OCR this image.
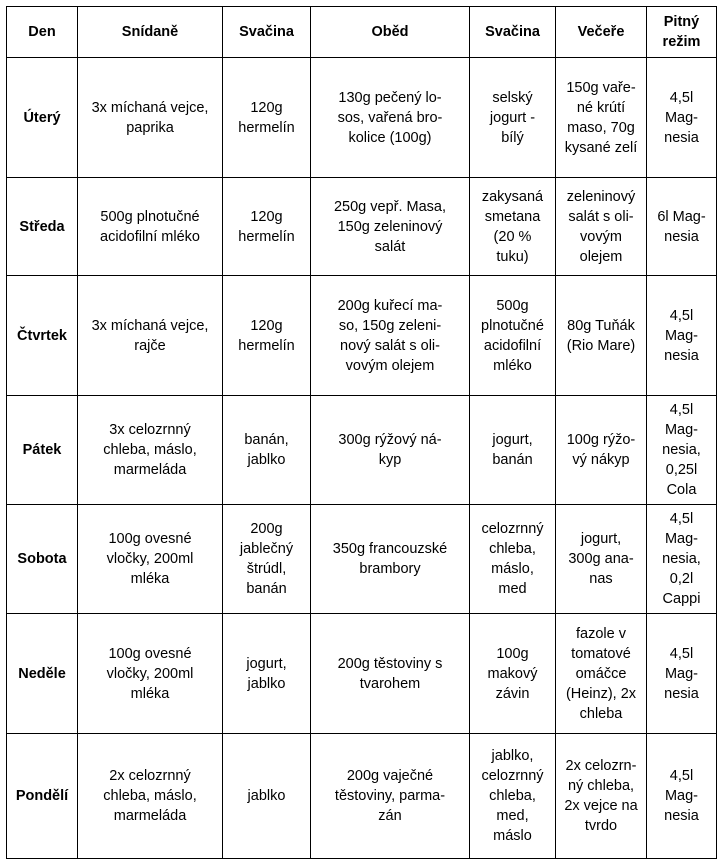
Den	Snídaně	Svačina	Oběd	Svačina	Večeře	Pitný
režim
Úterý	3x míchaná vejce,
paprika	120g
hermelín	130g pečený lo-
sos, vařená bro-
kolice (100g)	selský
jogurt -
bílý	150g vaře-
né krútí
maso, 70g
kysané zelí	4,5l Mag-
nesia
Středa	500g plnotučné
acidofilní mléko	120g
hermelín	250g vepř. Masa,
150g zeleninový
salát	zakysaná
smetana
(20 %
tuku)	zeleninový
salát s oli-
vovým
olejem	6l Mag-
nesia
Čtvrtek	3x míchaná vejce,
rajče	120g
hermelín	200g kuřecí ma-
so, 150g zeleni-
nový salát s oli-
vovým olejem	500g
plnotučné
acidofilní
mléko	80g Tuňák
(Rio Mare)	4,5l Mag-
nesia
Pátek	3x celozrnný
chleba, máslo,
marmeláda	banán,
jablko	300g rýžový ná-
kyp	jogurt,
banán	100g rýžo-
vý nákyp	4,5l Mag-
nesia,
0,25l Cola
Sobota	100g ovesné
vločky, 200ml
mléka	200g
jablečný
štrúdl,
banán	350g francouzské
brambory	celozrnný
chleba,
máslo,
med	jogurt,
300g ana-
nas	4,5l Mag-
nesia, 0,2l
Cappi
Neděle	100g ovesné
vločky, 200ml
mléka	jogurt,
jablko	200g těstoviny s
tvarohem	100g
makový
závin	fazole v
tomatové
omáčce
(Heinz), 2x
chleba	4,5l Mag-
nesia
Pondělí	2x celozrnný
chleba, máslo,
marmeláda	jablko	200g vaječné
těstoviny, parma-
zán	jablko,
celozrnný
chleba,
med,
máslo	2x celozrn-
ný chleba,
2x vejce na
tvrdo	4,5l Mag-
nesia
